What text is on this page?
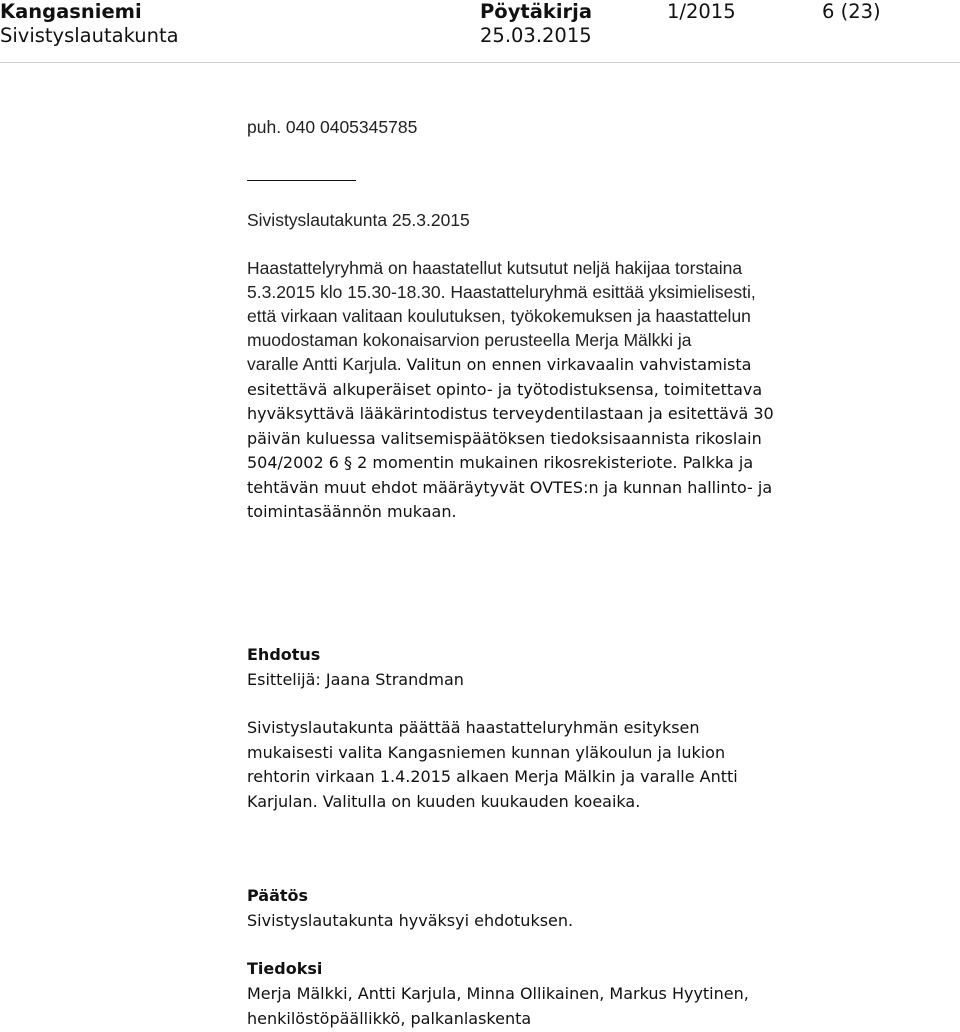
Kangasniemi
Sivistyslautakunta
Pöytäkirja
25.03.2015
1/2015	6 (23)
puh. 040 0405345785
Sivistyslautakunta 25.3.2015
Haastattelyryhmä on haastatellut kutsutut neljä hakijaa torstaina
5.3.2015 klo 15.30-18.30. Haastatteluryhmä esittää yksimielisesti,
että virkaan valitaan koulutuksen, työkokemuksen ja haastattelun
muodostaman kokonaisarvion perusteella Merja Mälkki ja
varalle Antti Karjula. Valitun on ennen virkavaalin vahvistamista
esitettävä alkuperäiset opinto- ja työtodistuksensa, toimitettava
hyväksyttävä lääkärintodistus terveydentilastaan ja esitettävä 30
päivän kuluessa valitsemispäätöksen tiedoksisaannista rikoslain
504/2002 6 § 2 momentin mukainen rikosrekisteriote. Palkka ja
tehtävän muut ehdot määräytyvät OVTES:n ja kunnan hallinto- ja
toimintasäännön mukaan.
Ehdotus
Esittelijä: Jaana Strandman
Sivistyslautakunta päättää haastatteluryhmän esityksen
mukaisesti valita Kangasniemen kunnan yläkoulun ja lukion
rehtorin virkaan 1.4.2015 alkaen Merja Mälkin ja varalle Antti
Karjulan. Valitulla on kuuden kuukauden koeaika.
Päätös
Sivistyslautakunta hyväksyi ehdotuksen.
Tiedoksi
Merja Mälkki, Antti Karjula, Minna Ollikainen, Markus Hyytinen,
henkilöstöpäällikkö, palkanlaskenta
